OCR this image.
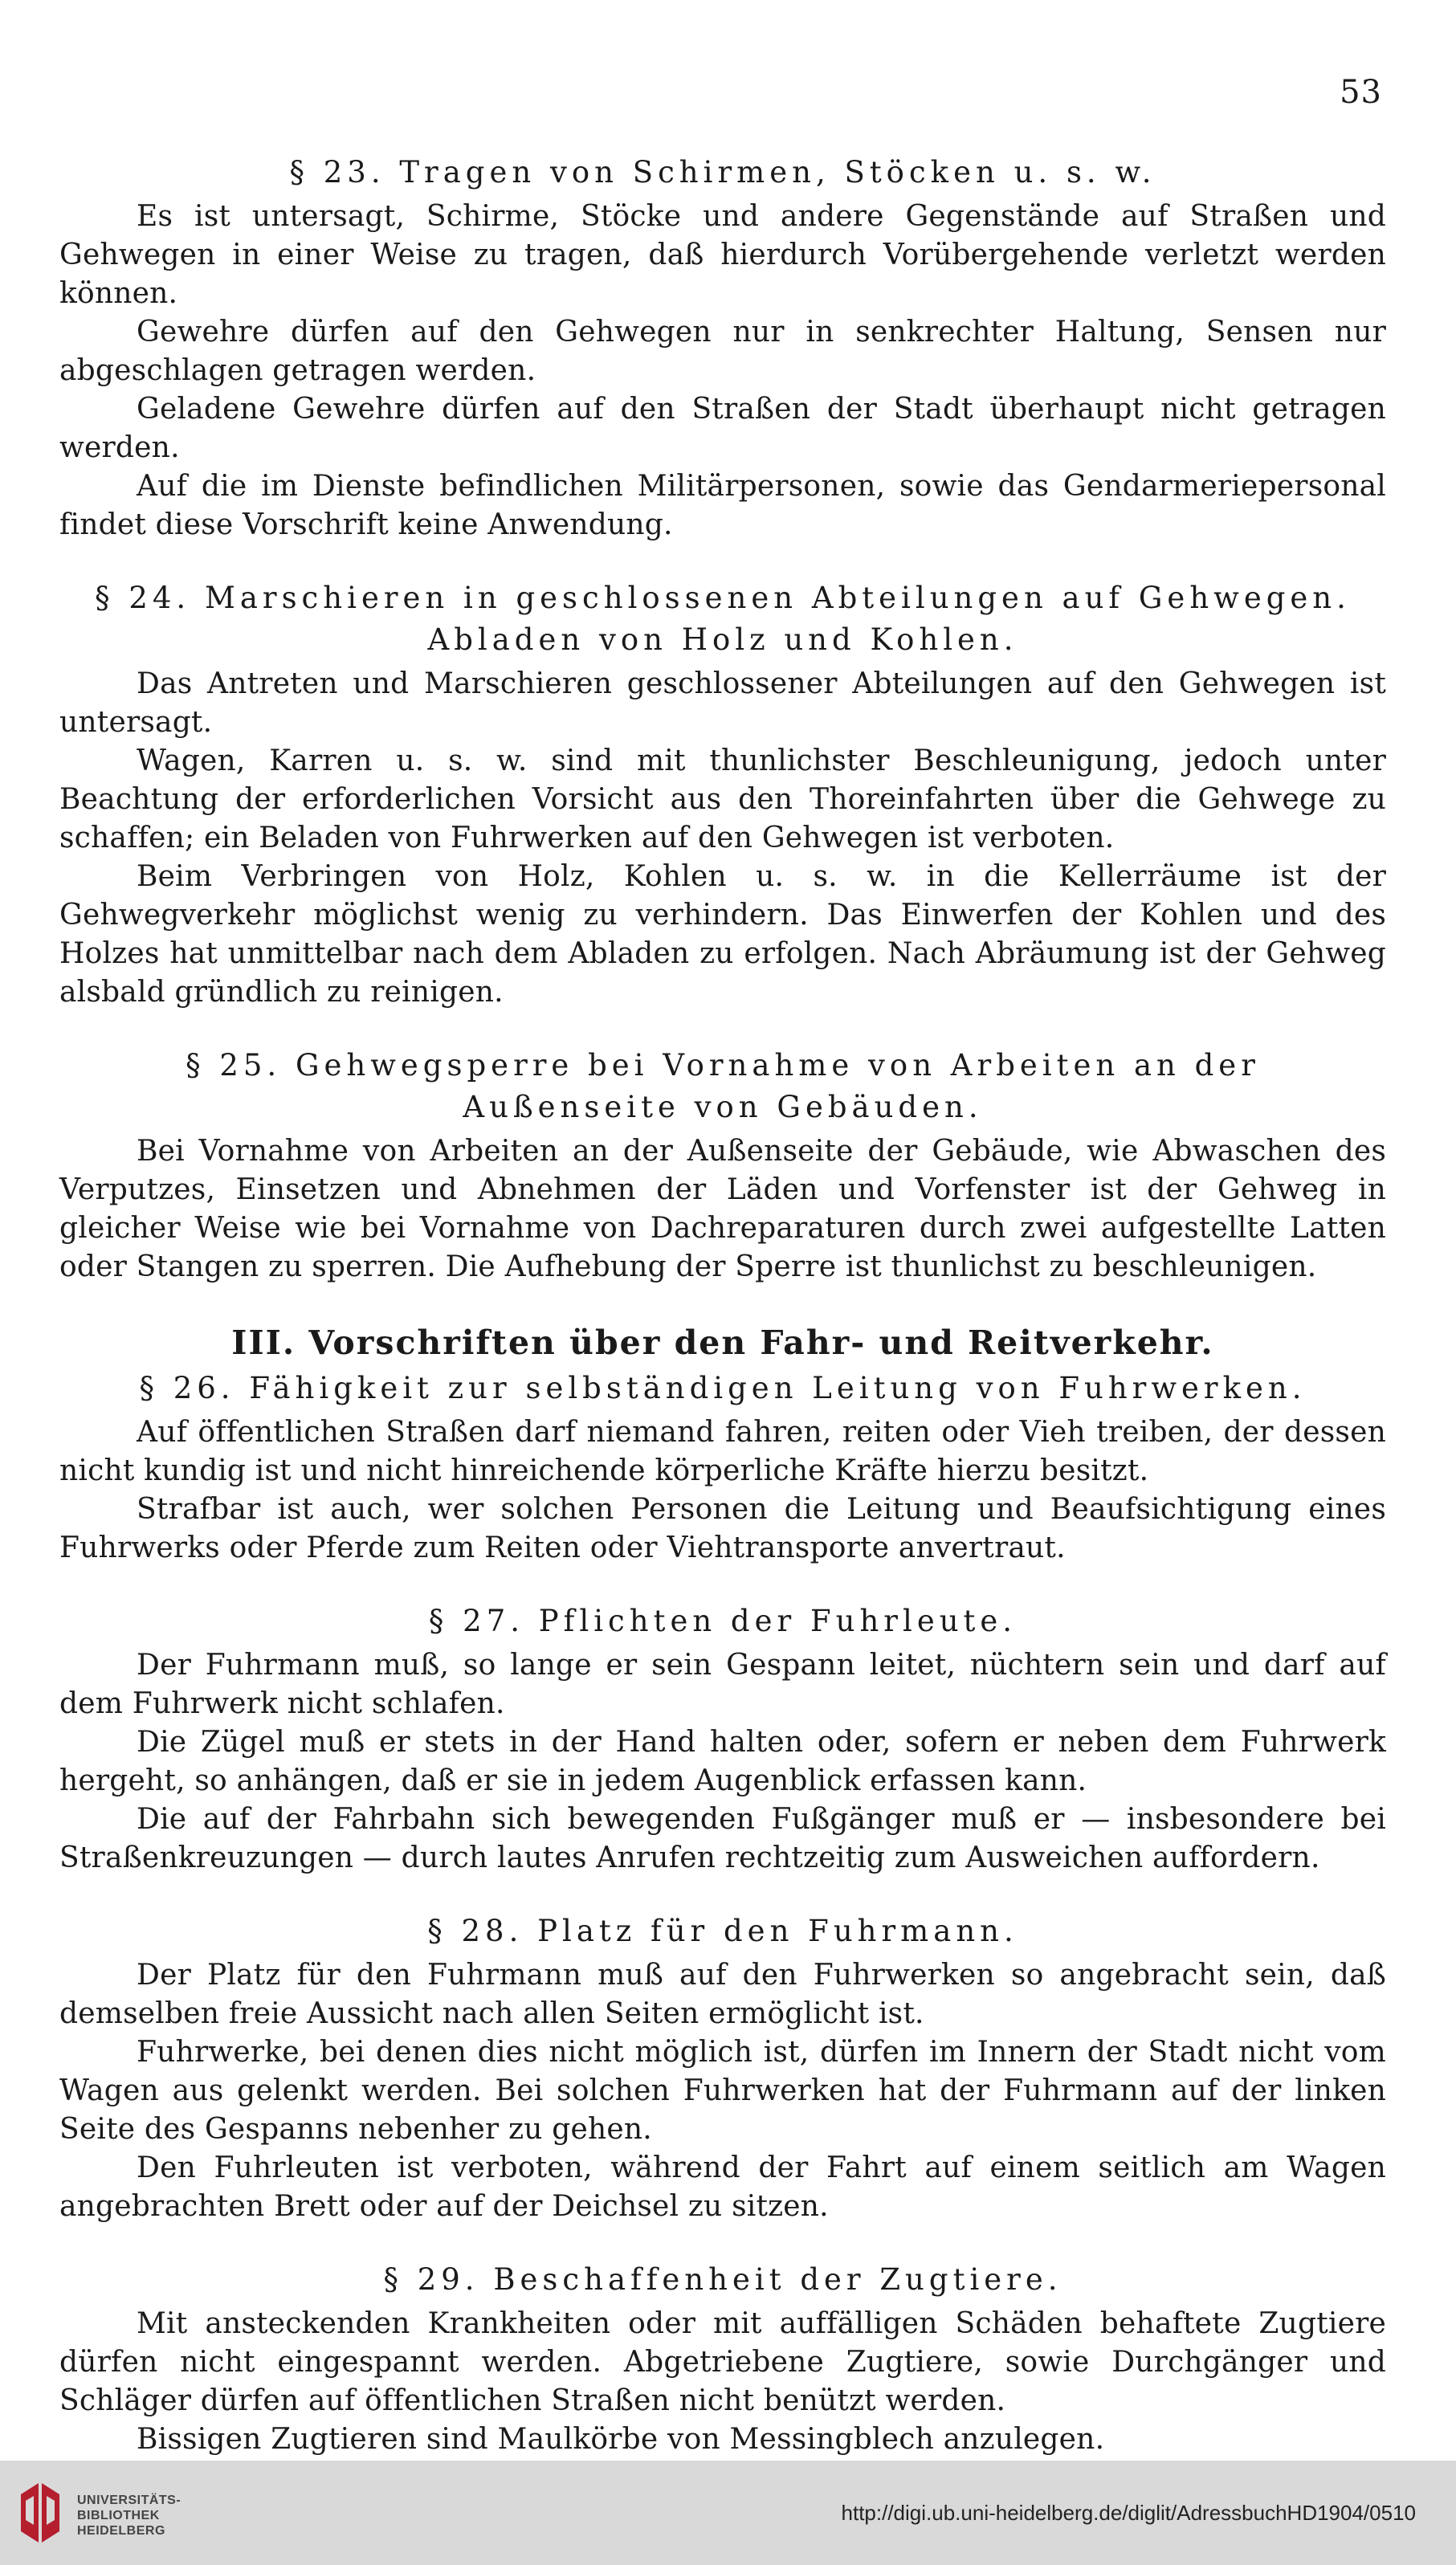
53
§ 23. Tragen von Schirmen, Stöcken u. s. w.

Es ist untersagt, Schirme, Stöcke und andere Gegenstände auf Straßen und Gehwegen in einer Weise zu tragen, daß hierdurch Vorübergehende verletzt werden können.

Gewehre dürfen auf den Gehwegen nur in senkrechter Haltung, Sensen nur abgeschlagen getragen werden.

Geladene Gewehre dürfen auf den Straßen der Stadt überhaupt nicht getragen werden.

Auf die im Dienste befindlichen Militärpersonen, sowie das Gendarmeriepersonal findet diese Vorschrift keine Anwendung.

§ 24. Marschieren in geschlossenen Abteilungen auf Gehwegen.
Abladen von Holz und Kohlen.

Das Antreten und Marschieren geschlossener Abteilungen auf den Gehwegen ist untersagt.

Wagen, Karren u. s. w. sind mit thunlichster Beschleunigung, jedoch unter Beachtung der erforderlichen Vorsicht aus den Thoreinfahrten über die Gehwege zu schaffen; ein Beladen von Fuhrwerken auf den Gehwegen ist verboten.

Beim Verbringen von Holz, Kohlen u. s. w. in die Kellerräume ist der Gehwegverkehr möglichst wenig zu verhindern. Das Einwerfen der Kohlen und des Holzes hat unmittelbar nach dem Abladen zu erfolgen. Nach Abräumung ist der Gehweg alsbald gründlich zu reinigen.

§ 25. Gehwegsperre bei Vornahme von Arbeiten an der
Außenseite von Gebäuden.

Bei Vornahme von Arbeiten an der Außenseite der Gebäude, wie Abwaschen des Verputzes, Einsetzen und Abnehmen der Läden und Vorfenster ist der Gehweg in gleicher Weise wie bei Vornahme von Dachreparaturen durch zwei aufgestellte Latten oder Stangen zu sperren. Die Aufhebung der Sperre ist thunlichst zu beschleunigen.

III. Vorschriften über den Fahr- und Reitverkehr.
§ 26. Fähigkeit zur selbständigen Leitung von Fuhrwerken.

Auf öffentlichen Straßen darf niemand fahren, reiten oder Vieh treiben, der dessen nicht kundig ist und nicht hinreichende körperliche Kräfte hierzu besitzt.

Strafbar ist auch, wer solchen Personen die Leitung und Beaufsichtigung eines Fuhrwerks oder Pferde zum Reiten oder Viehtransporte anvertraut.

§ 27. Pflichten der Fuhrleute.

Der Fuhrmann muß, so lange er sein Gespann leitet, nüchtern sein und darf auf dem Fuhrwerk nicht schlafen.

Die Zügel muß er stets in der Hand halten oder, sofern er neben dem Fuhrwerk hergeht, so anhängen, daß er sie in jedem Augenblick erfassen kann.

Die auf der Fahrbahn sich bewegenden Fußgänger muß er — insbesondere bei Straßenkreuzungen — durch lautes Anrufen rechtzeitig zum Ausweichen auffordern.

§ 28. Platz für den Fuhrmann.

Der Platz für den Fuhrmann muß auf den Fuhrwerken so angebracht sein, daß demselben freie Aussicht nach allen Seiten ermöglicht ist.

Fuhrwerke, bei denen dies nicht möglich ist, dürfen im Innern der Stadt nicht vom Wagen aus gelenkt werden. Bei solchen Fuhrwerken hat der Fuhrmann auf der linken Seite des Gespanns nebenher zu gehen.

Den Fuhrleuten ist verboten, während der Fahrt auf einem seitlich am Wagen angebrachten Brett oder auf der Deichsel zu sitzen.

§ 29. Beschaffenheit der Zugtiere.

Mit ansteckenden Krankheiten oder mit auffälligen Schäden behaftete Zugtiere dürfen nicht eingespannt werden. Abgetriebene Zugtiere, sowie Durchgänger und Schläger dürfen auf öffentlichen Straßen nicht benützt werden.

Bissigen Zugtieren sind Maulkörbe von Messingblech anzulegen.

UNIVERSITÄTS-
BIBLIOTHEK
HEIDELBERG
http://digi.ub.uni-heidelberg.de/diglit/AdressbuchHD1904/0510
